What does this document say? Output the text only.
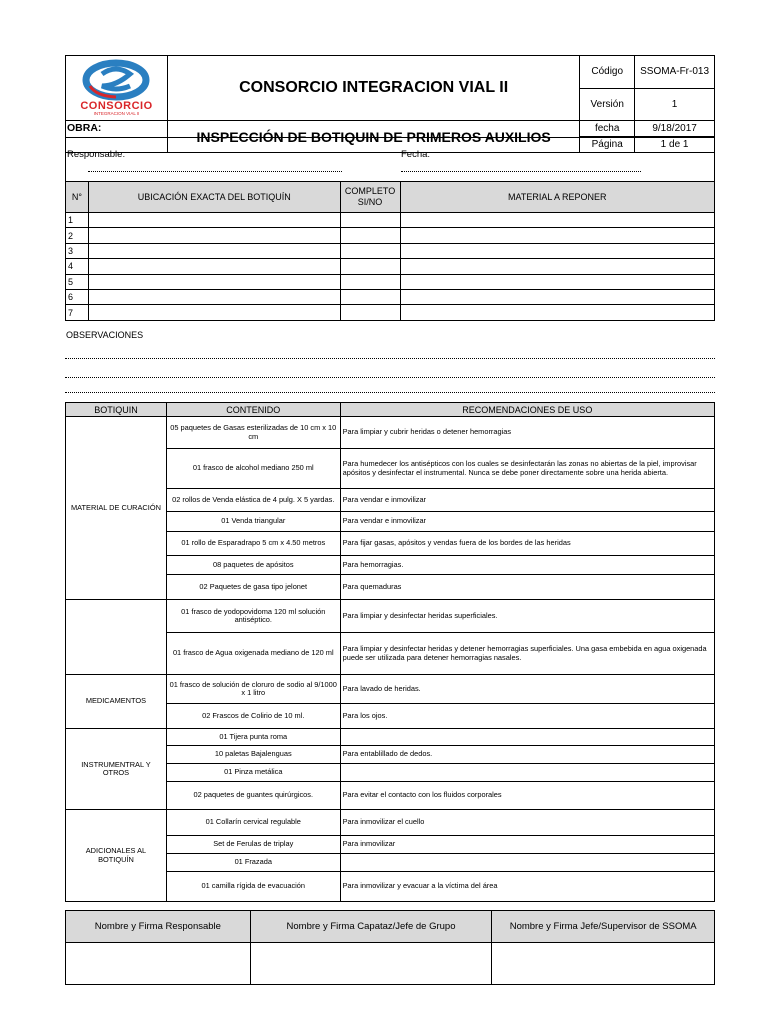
CONSORCIO
INTEGRACION VIAL II	CONSORCIO INTEGRACION VIAL II	Código	SSOMA-Fr-013
		Versión	1
	INSPECCIÓN DE BOTIQUIN DE PRIMEROS AUXILIOS	fecha	9/18/2017
		Página	1 de 1
OBRA:
Responsable:	Fecha:
N°	UBICACIÓN EXACTA DEL BOTIQUÍN	COMPLETO SI/NO	MATERIAL A REPONER
1			
2			
3			
4			
5			
6			
7			
OBSERVACIONES
BOTIQUIN	CONTENIDO	RECOMENDACIONES DE USO
MATERIAL DE CURACIÓN	05 paquetes de Gasas esterilizadas de 10 cm x 10 cm	Para limpiar y cubrir heridas o detener hemorragias
	01 frasco de alcohol mediano 250 ml	Para humedecer los antisépticos con los cuales se desinfectarán las zonas no abiertas de la piel, improvisar apósitos y desinfectar el instrumental. Nunca se debe poner directamente sobre una herida abierta.
	02 rollos de Venda elástica de 4 pulg. X 5 yardas.	Para vendar e inmovilizar
	01 Venda triangular	Para vendar e inmovilizar
	01 rollo de Esparadrapo 5 cm x 4.50 metros	Para fijar gasas, apósitos y vendas fuera de los bordes de las heridas
	08 paquetes de apósitos	Para hemorragias.
	02 Paquetes de gasa tipo jelonet	Para quemaduras
	01 frasco de yodopovidoma 120 ml solución antiséptico.	Para limpiar y desinfectar heridas superficiales.
	01 frasco de Agua oxigenada mediano de 120 ml	Para limpiar y desinfectar heridas y detener hemorragias superficiales. Una gasa embebida en agua oxigenada puede ser utilizada para detener hemorragias nasales.
MEDICAMENTOS	01 frasco de solución de cloruro de sodio al 9/1000 x 1 litro	Para lavado de heridas.
	02 Frascos de Colirio de 10 ml.	Para los ojos.
INSTRUMENTRAL Y OTROS	01 Tijera punta roma	
	10 paletas Bajalenguas	Para entablillado de dedos.
	01 Pinza metálica	
	02 paquetes de guantes quirúrgicos.	Para evitar el contacto con los fluidos corporales
ADICIONALES AL BOTIQUÍN	01 Collarín cervical regulable	Para inmovilizar el cuello
	Set de Ferulas de triplay	Para inmovilizar
	01 Frazada	
	01 camilla rígida de evacuación	Para inmovilizar y evacuar a la víctima del área
Nombre y Firma Responsable	Nombre y Firma Capataz/Jefe de Grupo	Nombre y Firma Jefe/Supervisor de SSOMA
